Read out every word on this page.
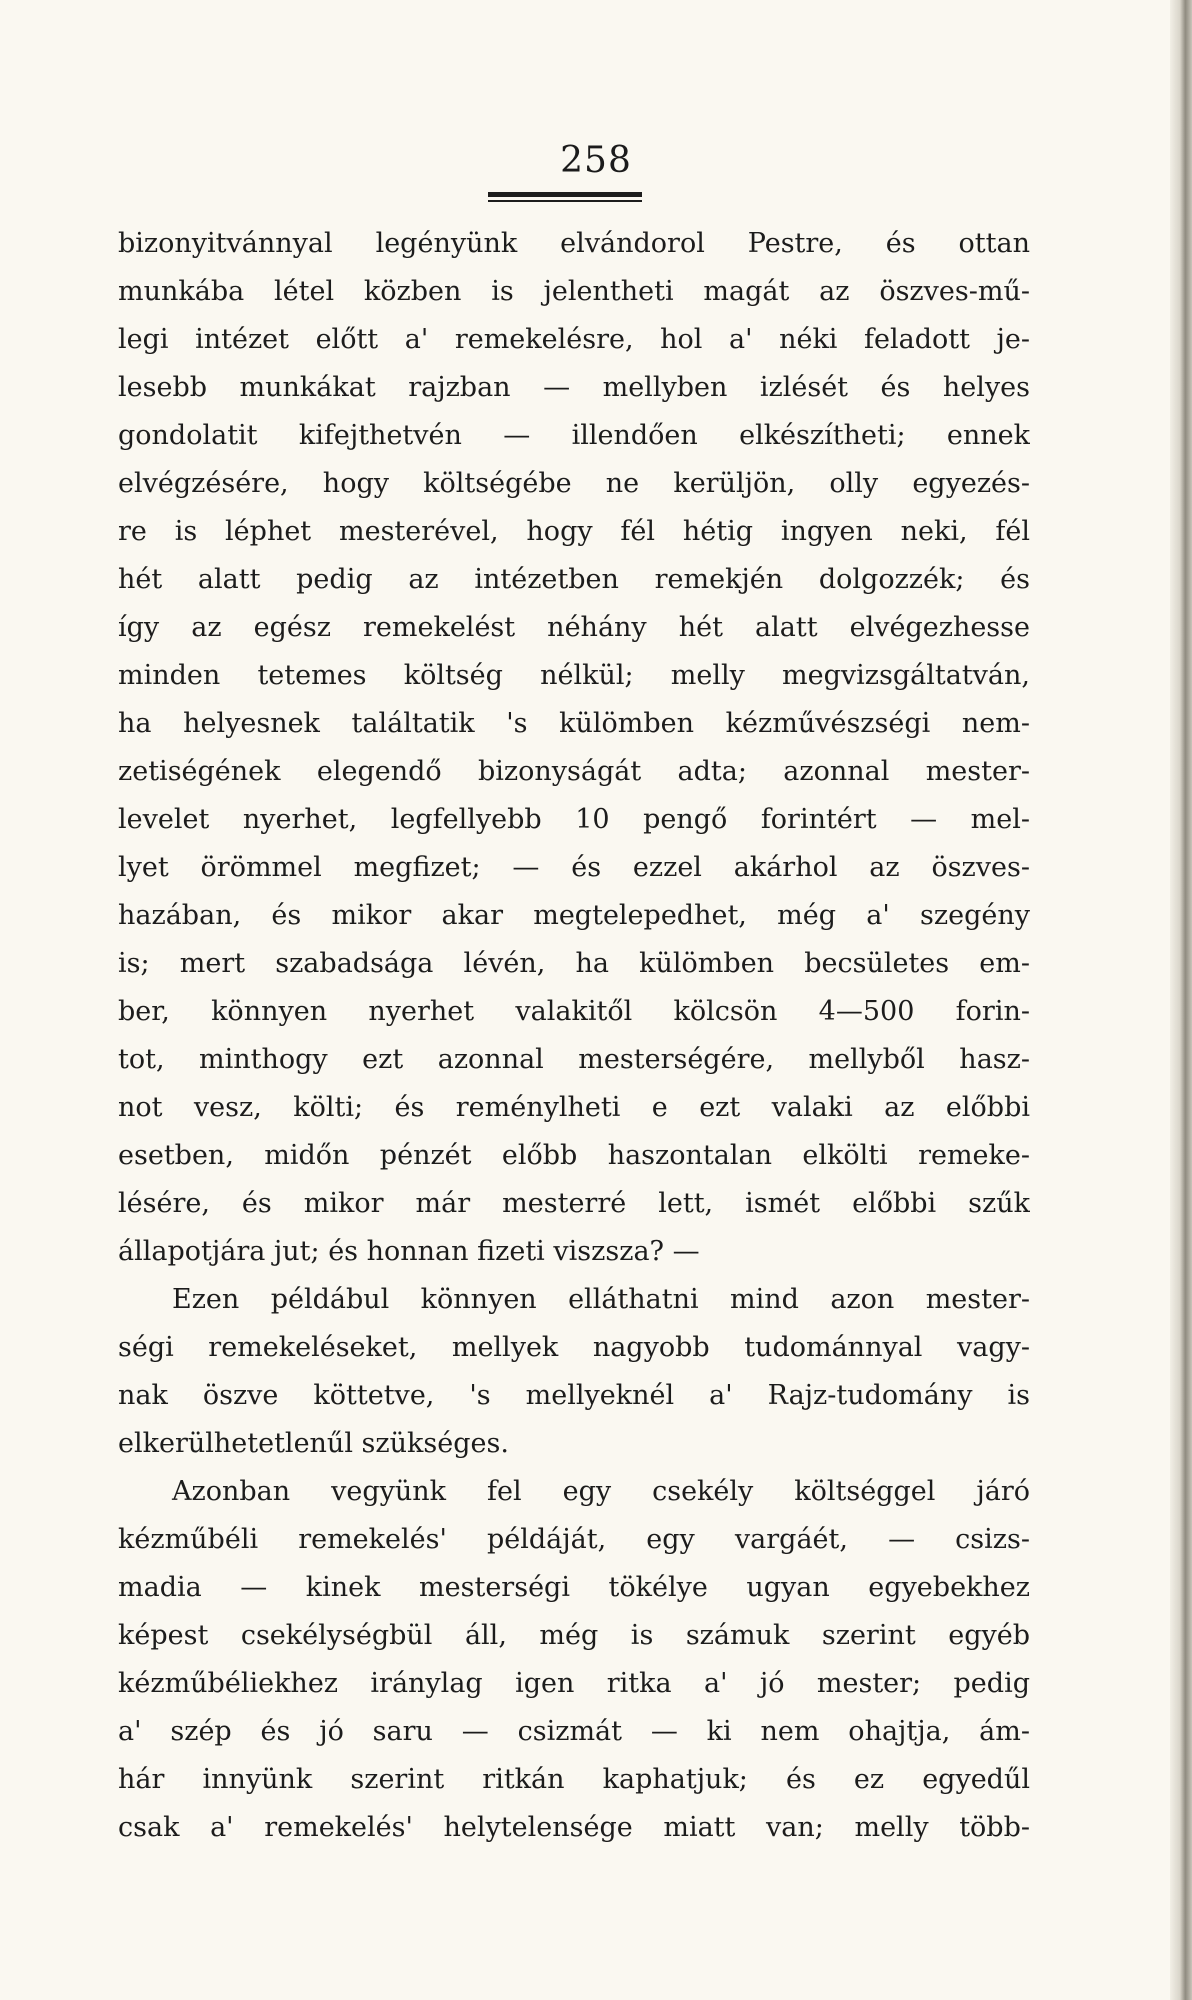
258
bizonyitvánnyal legényünk elvándorol Pestre, és ottan
munkába létel közben is jelentheti magát az öszves-mű-
legi intézet előtt a' remekelésre, hol a' néki feladott je-
lesebb munkákat rajzban — mellyben izlését és helyes
gondolatit kifejthetvén — illendően elkészítheti; ennek
elvégzésére, hogy költségébe ne kerüljön, olly egyezés-
re is léphet mesterével, hogy fél hétig ingyen neki, fél
hét alatt pedig az intézetben remekjén dolgozzék; és
így az egész remekelést néhány hét alatt elvégezhesse
minden tetemes költség nélkül; melly megvizsgáltatván,
ha helyesnek találtatik 's külömben kézművészségi nem-
zetiségének elegendő bizonyságát adta; azonnal mester-
levelet nyerhet, legfellyebb 10 pengő forintért — mel-
lyet örömmel megfizet; — és ezzel akárhol az öszves-
hazában, és mikor akar megtelepedhet, még a' szegény
is; mert szabadsága lévén, ha külömben becsületes em-
ber, könnyen nyerhet valakitől kölcsön 4—500 forin-
tot, minthogy ezt azonnal mesterségére, mellyből hasz-
not vesz, költi; és reménylheti e ezt valaki az előbbi
esetben, midőn pénzét előbb haszontalan elkölti remeke-
lésére, és mikor már mesterré lett, ismét előbbi szűk
állapotjára jut; és honnan fizeti viszsza? —
Ezen példábul könnyen elláthatni mind azon mester-
ségi remekeléseket, mellyek nagyobb tudománnyal vagy-
nak öszve köttetve, 's mellyeknél a' Rajz-tudomány is
elkerülhetetlenűl szükséges.
Azonban vegyünk fel egy csekély költséggel járó
kézműbéli remekelés' példáját, egy vargáét, — csizs-
madia — kinek mesterségi tökélye ugyan egyebekhez
képest csekélységbül áll, még is számuk szerint egyéb
kézműbéliekhez iránylag igen ritka a' jó mester; pedig
a' szép és jó saru — csizmát — ki nem ohajtja, ám-
hár innyünk szerint ritkán kaphatjuk; és ez egyedűl
csak a' remekelés' helytelensége miatt van; melly több-
